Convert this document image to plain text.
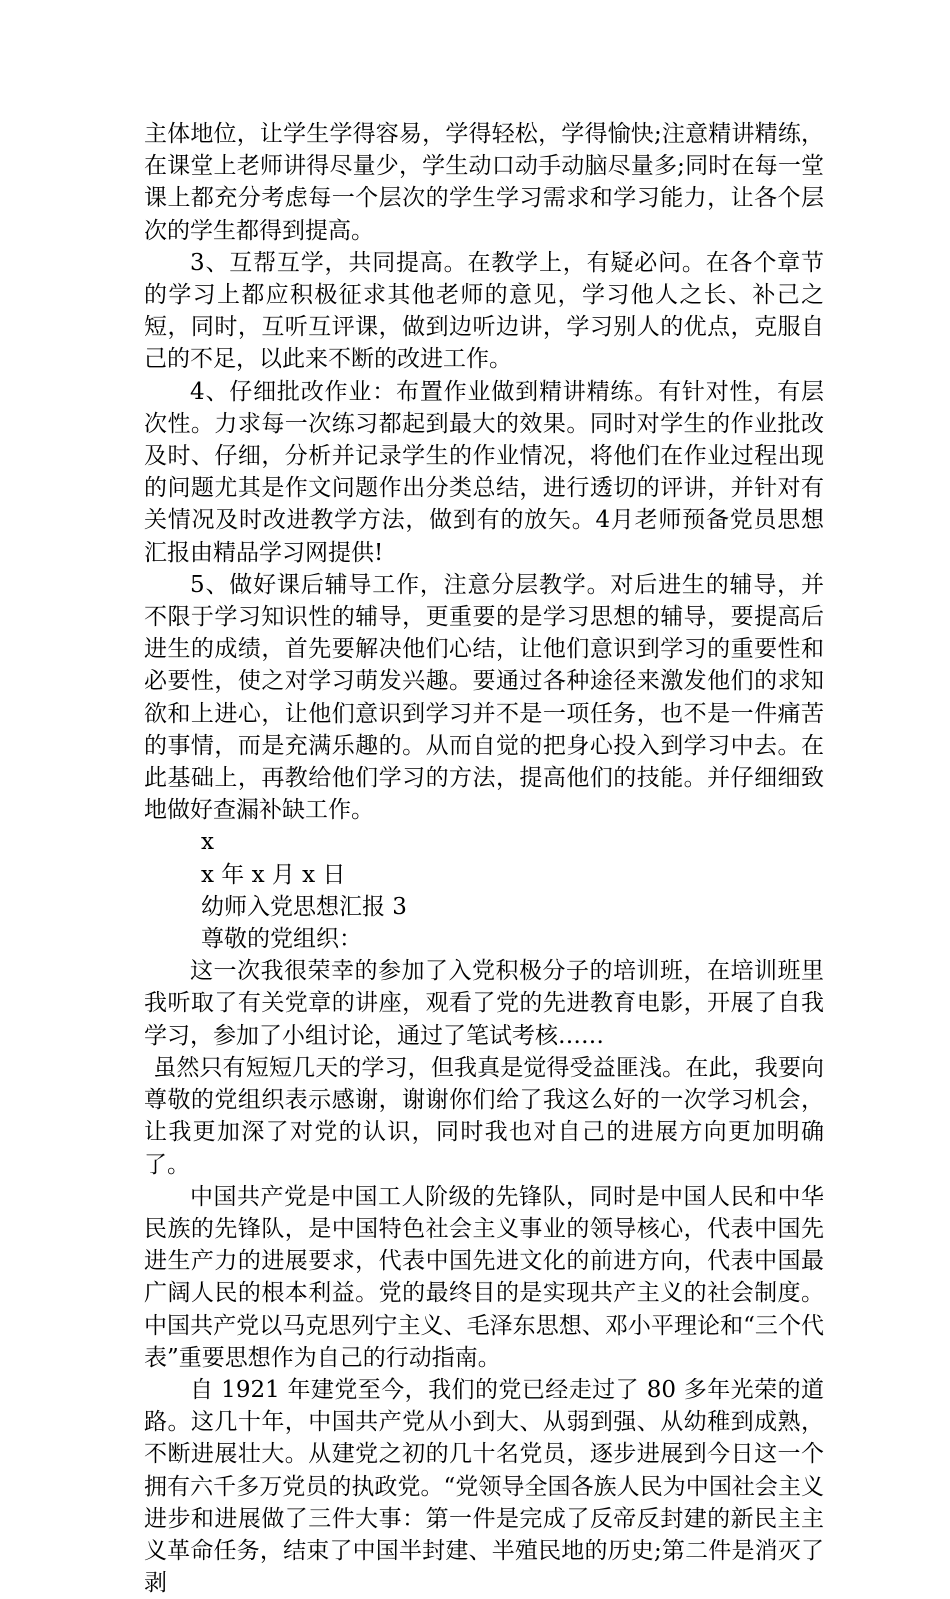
主体地位，让学生学得容易，学得轻松，学得愉快;注意精讲精练，在课堂上老师讲得尽量少，学生动口动手动脑尽量多;同时在每一堂课上都充分考虑每一个层次的学生学习需求和学习能力，让各个层次的学生都得到提高。

3、互帮互学，共同提高。在教学上，有疑必问。在各个章节的学习上都应积极征求其他老师的意见，学习他人之长、补己之短，同时，互听互评课，做到边听边讲，学习别人的优点，克服自己的不足，以此来不断的改进工作。

4、仔细批改作业：布置作业做到精讲精练。有针对性，有层次性。力求每一次练习都起到最大的效果。同时对学生的作业批改及时、仔细，分析并记录学生的作业情况，将他们在作业过程出现的问题尤其是作文问题作出分类总结，进行透切的评讲，并针对有关情况及时改进教学方法，做到有的放矢。4月老师预备党员思想汇报由精品学习网提供!

5、做好课后辅导工作，注意分层教学。对后进生的辅导，并不限于学习知识性的辅导，更重要的是学习思想的辅导，要提高后进生的成绩，首先要解决他们心结，让他们意识到学习的重要性和必要性，使之对学习萌发兴趣。要通过各种途径来激发他们的求知欲和上进心，让他们意识到学习并不是一项任务，也不是一件痛苦的事情，而是充满乐趣的。从而自觉的把身心投入到学习中去。在此基础上，再教给他们学习的方法，提高他们的技能。并仔细细致地做好查漏补缺工作。

x

x 年 x 月 x 日

幼师入党思想汇报 3

尊敬的党组织：

这一次我很荣幸的参加了入党积极分子的培训班，在培训班里我听取了有关党章的讲座，观看了党的先进教育电影，开展了自我学习，参加了小组讨论，通过了笔试考核……

虽然只有短短几天的学习，但我真是觉得受益匪浅。在此，我要向尊敬的党组织表示感谢，谢谢你们给了我这么好的一次学习机会，让我更加深了对党的认识，同时我也对自己的进展方向更加明确了。

中国共产党是中国工人阶级的先锋队，同时是中国人民和中华民族的先锋队，是中国特色社会主义事业的领导核心，代表中国先进生产力的进展要求，代表中国先进文化的前进方向，代表中国最广阔人民的根本利益。党的最终目的是实现共产主义的社会制度。中国共产党以马克思列宁主义、毛泽东思想、邓小平理论和“三个代表”重要思想作为自己的行动指南。

自 1921 年建党至今，我们的党已经走过了 80 多年光荣的道路。这几十年，中国共产党从小到大、从弱到强、从幼稚到成熟，不断进展壮大。从建党之初的几十名党员，逐步进展到今日这一个拥有六千多万党员的执政党。“党领导全国各族人民为中国社会主义进步和进展做了三件大事：第一件是完成了反帝反封建的新民主主义革命任务，结束了中国半封建、半殖民地的历史;第二件是消灭了剥
